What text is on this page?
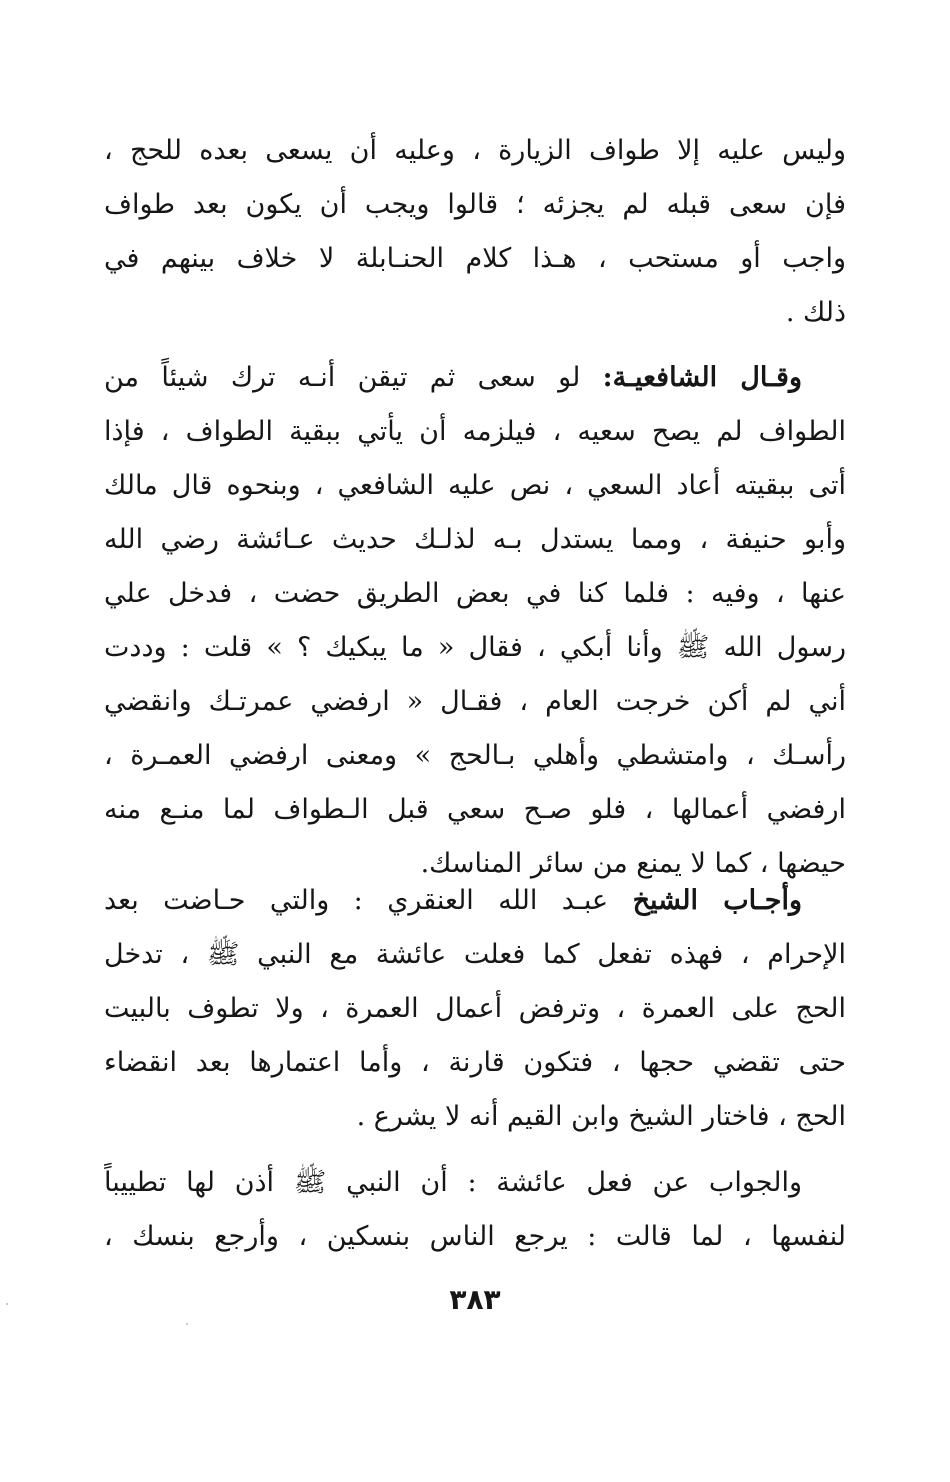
وليس عليه إلا طواف الزيارة ، وعليه أن يسعى بعده للحج ،
فإن سعى قبله لم يجزئه ؛ قالوا ويجب أن يكون بعد طواف
واجب أو مستحب ، هـذا كلام الحنـابلة لا خلاف بينهم في
ذلك .
وقـال الشافعيـة: لو سعى ثم تيقن أنـه ترك شيئاً من
الطواف لم يصح سعيه ، فيلزمه أن يأتي ببقية الطواف ، فإذا
أتى ببقيته أعاد السعي ، نص عليه الشافعي ، وبنحوه قال مالك
وأبو حنيفة ، ومما يستدل بـه لذلـك حديث عـائشة رضي الله
عنها ، وفيه : فلما كنا في بعض الطريق حضت ، فدخل علي
رسول الله ﷺ وأنا أبكي ، فقال « ما يبكيك ؟ » قلت : وددت
أني لم أكن خرجت العام ، فقـال « ارفضي عمرتـك وانقضي
رأسـك ، وامتشطي وأهلي بـالحج » ومعنى ارفضي العمـرة ،
ارفضي أعمالها ، فلو صـح سعي قبل الـطواف لما منـع منه
حيضها ، كما لا يمنع من سائر المناسك.
وأجـاب الشيخ عبـد الله العنقري : والتي حـاضت بعد
الإحرام ، فهذه تفعل كما فعلت عائشة مع النبي ﷺ ، تدخل
الحج على العمرة ، وترفض أعمال العمرة ، ولا تطوف بالبيت
حتى تقضي حجها ، فتكون قارنة ، وأما اعتمارها بعد انقضاء
الحج ، فاختار الشيخ وابن القيم أنه لا يشرع .
والجواب عن فعل عائشة : أن النبي ﷺ أذن لها تطييباً
لنفسها ، لما قالت : يرجع الناس بنسكين ، وأرجع بنسك ،
٣٨٣
